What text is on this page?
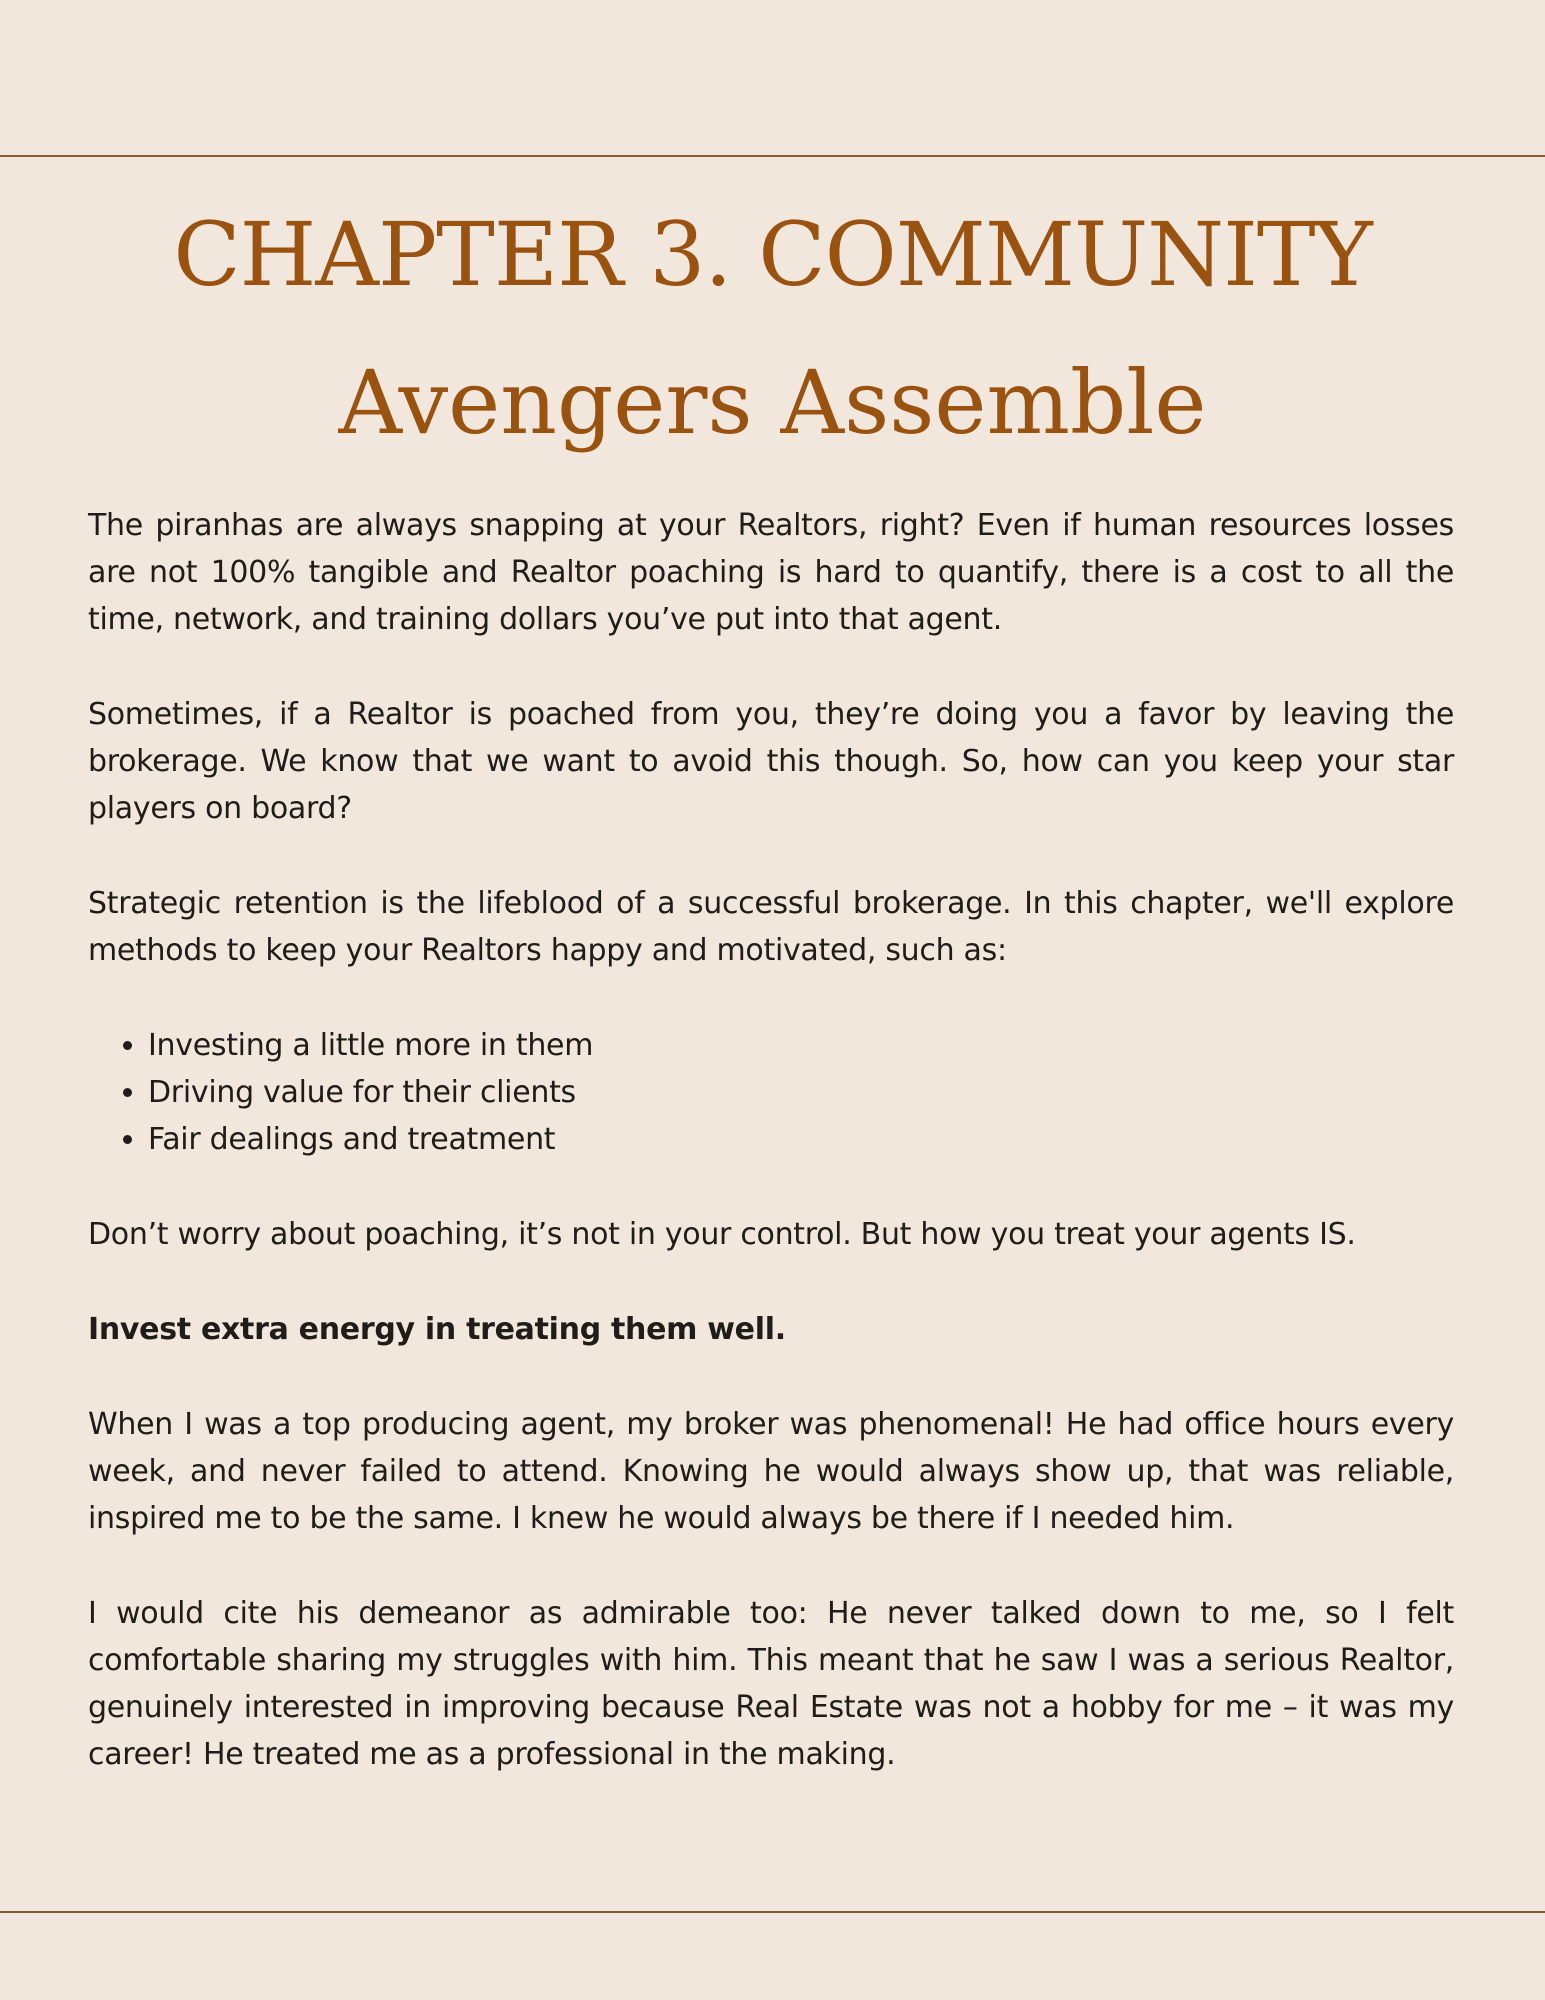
CHAPTER 3. COMMUNITY
Avengers Assemble

The piranhas are always snapping at your Realtors, right? Even if human resources losses are not 100% tangible and Realtor poaching is hard to quantify, there is a cost to all the time, network, and training dollars you’ve put into that agent.

Sometimes, if a Realtor is poached from you, they’re doing you a favor by leaving the brokerage. We know that we want to avoid this though. So, how can you keep your star players on board?

Strategic retention is the lifeblood of a successful brokerage. In this chapter, we'll explore methods to keep your Realtors happy and motivated, such as:

• Investing a little more in them
• Driving value for their clients
• Fair dealings and treatment

Don’t worry about poaching, it’s not in your control. But how you treat your agents IS.

Invest extra energy in treating them well.

When I was a top producing agent, my broker was phenomenal! He had office hours every week, and never failed to attend. Knowing he would always show up, that was reliable, inspired me to be the same. I knew he would always be there if I needed him.

I would cite his demeanor as admirable too: He never talked down to me, so I felt comfortable sharing my struggles with him. This meant that he saw I was a serious Realtor, genuinely interested in improving because Real Estate was not a hobby for me – it was my career! He treated me as a professional in the making.
